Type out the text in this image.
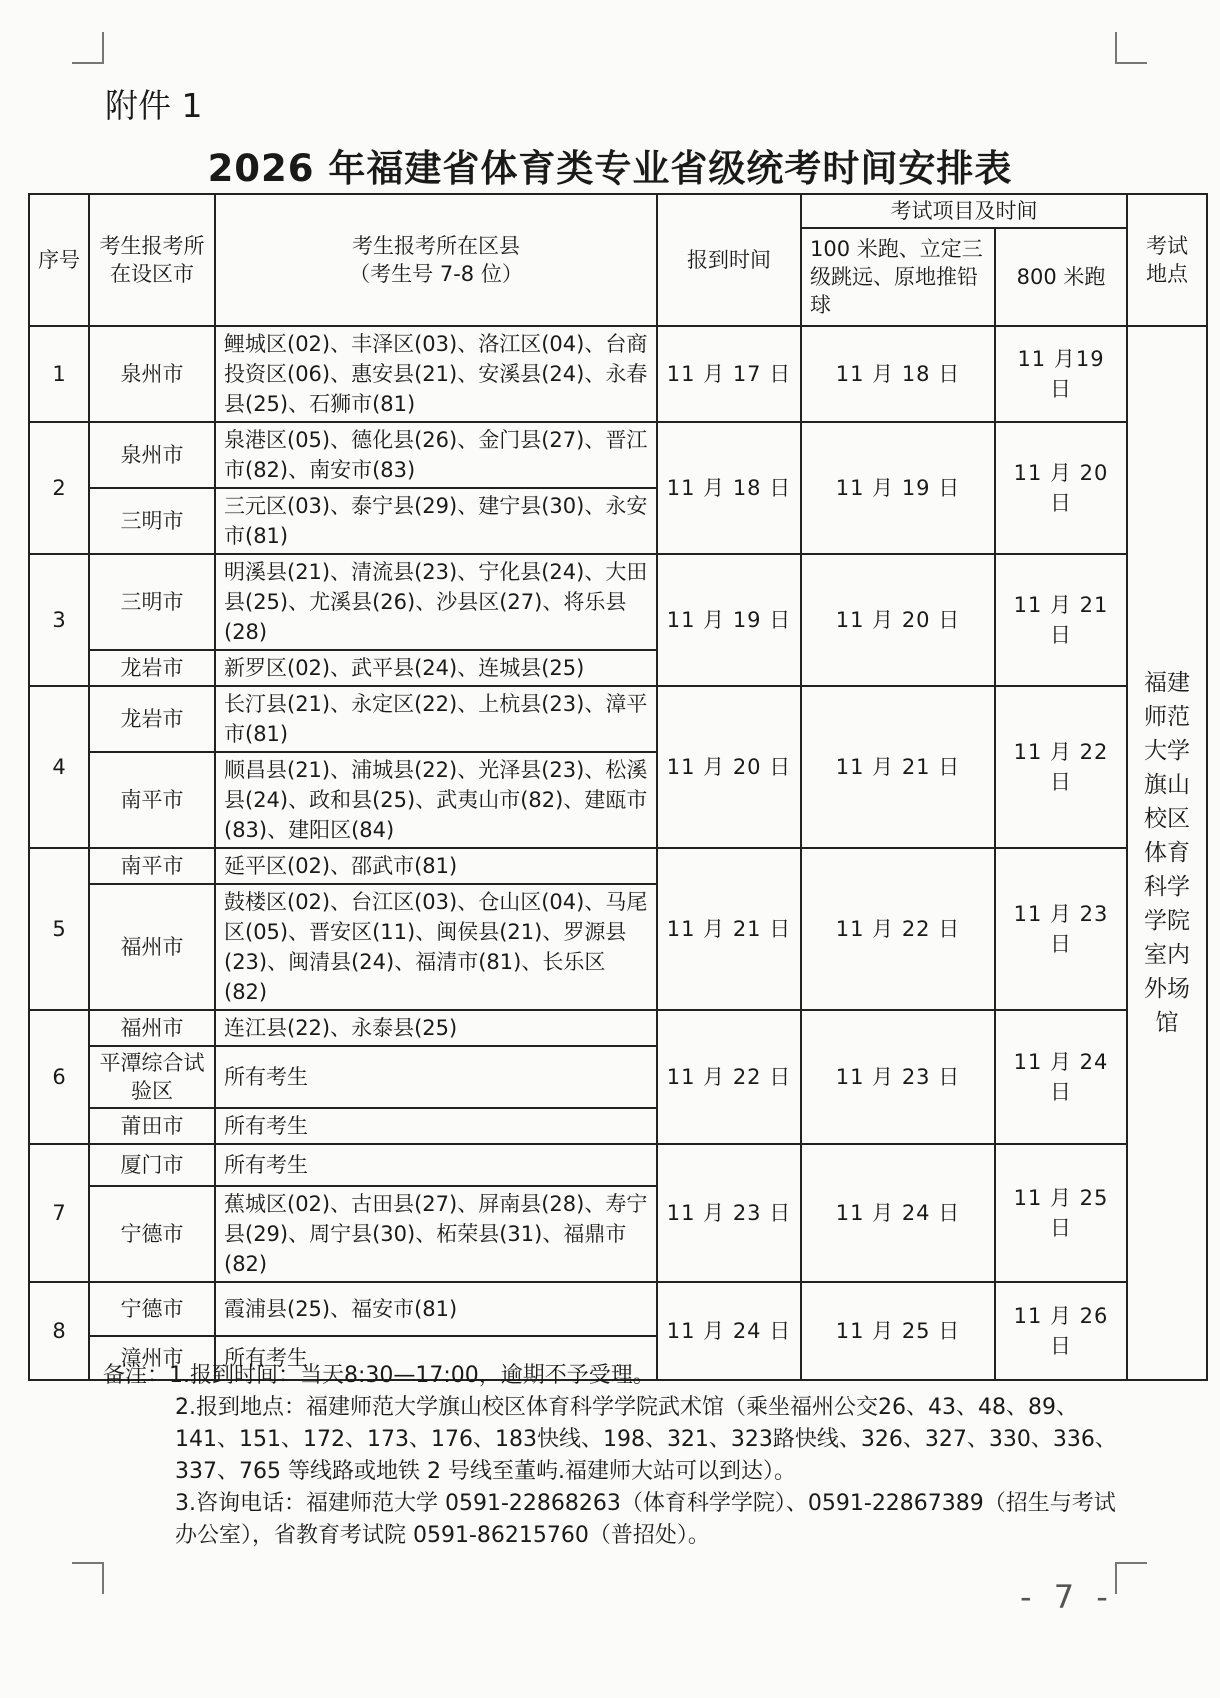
附件 1
2026 年福建省体育类专业省级统考时间安排表
序号	考生报考所在设区市	考生报考所在区县
（考生号 7-8 位）	报到时间	考试项目及时间		考试地点
				100 米跑、立定三级跳远、原地推铅球	800 米跑	
1	泉州市	鲤城区(02)、丰泽区(03)、洛江区(04)、台商投资区(06)、惠安县(21)、安溪县(24)、永春县(25)、石狮市(81)	11 月 17 日	11 月 18 日	11 月19 日	福建师范大学旗山校区体育科学学院室内外场馆
2	泉州市	泉港区(05)、德化县(26)、金门县(27)、晋江市(82)、南安市(83)	11 月 18 日	11 月 19 日	11 月 20 日	
	三明市	三元区(03)、泰宁县(29)、建宁县(30)、永安市(81)				
3	三明市	明溪县(21)、清流县(23)、宁化县(24)、大田县(25)、尤溪县(26)、沙县区(27)、将乐县(28)	11 月 19 日	11 月 20 日	11 月 21 日	
	龙岩市	新罗区(02)、武平县(24)、连城县(25)				
4	龙岩市	长汀县(21)、永定区(22)、上杭县(23)、漳平市(81)	11 月 20 日	11 月 21 日	11 月 22 日	
	南平市	顺昌县(21)、浦城县(22)、光泽县(23)、松溪县(24)、政和县(25)、武夷山市(82)、建瓯市(83)、建阳区(84)				
5	南平市	延平区(02)、邵武市(81)	11 月 21 日	11 月 22 日	11 月 23 日	
	福州市	鼓楼区(02)、台江区(03)、仓山区(04)、马尾区(05)、晋安区(11)、闽侯县(21)、罗源县(23)、闽清县(24)、福清市(81)、长乐区(82)				
6	福州市	连江县(22)、永泰县(25)	11 月 22 日	11 月 23 日	11 月 24 日	
	平潭综合试验区	所有考生				
	莆田市	所有考生				
7	厦门市	所有考生	11 月 23 日	11 月 24 日	11 月 25 日	
	宁德市	蕉城区(02)、古田县(27)、屏南县(28)、寿宁县(29)、周宁县(30)、柘荣县(31)、福鼎市(82)				
8	宁德市	霞浦县(25)、福安市(81)	11 月 24 日	11 月 25 日	11 月 26 日	
	漳州市	所有考生				

备注：1.报到时间：当天8:30—17:00，逾期不予受理。

2.报到地点：福建师范大学旗山校区体育科学学院武术馆（乘坐福州公交26、43、48、89、141、151、172、173、176、183快线、198、321、323路快线、326、327、330、336、337、765 等线路或地铁 2 号线至董屿.福建师大站可以到达）。

3.咨询电话：福建师范大学 0591-22868263（体育科学学院）、0591-22867389（招生与考试办公室），省教育考试院 0591-86215760（普招处）。

- 7 -
